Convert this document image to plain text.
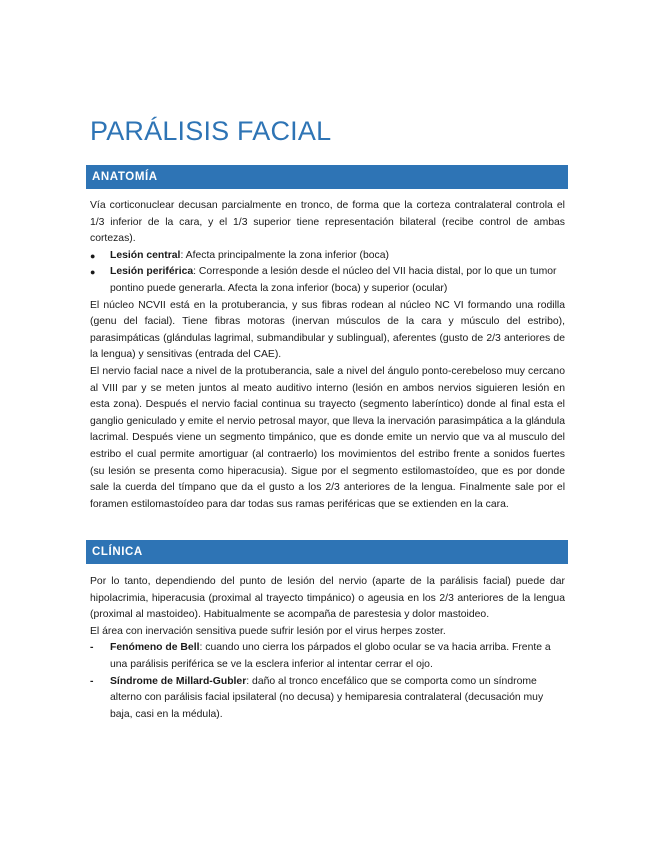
PARÁLISIS FACIAL
ANATOMÍA

Vía corticonuclear decusan parcialmente en tronco, de forma que la corteza contralateral controla el 1/3 inferior de la cara, y el 1/3 superior tiene representación bilateral (recibe control de ambas cortezas).

●	Lesión central: Afecta principalmente la zona inferior (boca)
●	Lesión periférica: Corresponde a lesión desde el núcleo del VII hacia distal, por lo que un tumor pontino puede generarla. Afecta la zona inferior (boca) y superior (ocular)

El núcleo NCVII está en la protuberancia, y sus fibras rodean al núcleo NC VI formando una rodilla (genu del facial). Tiene fibras motoras (inervan músculos de la cara y músculo del estribo), parasimpáticas (glándulas lagrimal, submandibular y sublingual), aferentes (gusto de 2/3 anteriores de la lengua) y sensitivas (entrada del CAE).

El nervio facial nace a nivel de la protuberancia, sale a nivel del ángulo ponto-cerebeloso muy cercano al VIII par y se meten juntos al meato auditivo interno (lesión en ambos nervios siguieren lesión en esta zona). Después el nervio facial continua su trayecto (segmento laberíntico) donde al final esta el ganglio geniculado y emite el nervio petrosal mayor, que lleva la inervación parasimpática a la glándula lacrimal. Después viene un segmento timpánico, que es donde emite un nervio que va al musculo del estribo el cual permite amortiguar (al contraerlo) los movimientos del estribo frente a sonidos fuertes (su lesión se presenta como hiperacusia). Sigue por el segmento estilomastoídeo, que es por donde sale la cuerda del tímpano que da el gusto a los 2/3 anteriores de la lengua. Finalmente sale por el foramen estilomastoídeo para dar todas sus ramas periféricas que se extienden en la cara.

CLÍNICA

Por lo tanto, dependiendo del punto de lesión del nervio (aparte de la parálisis facial) puede dar hipolacrimia, hiperacusia (proximal al trayecto timpánico) o ageusia en los 2/3 anteriores de la lengua (proximal al mastoideo). Habitualmente se acompaña de parestesia y dolor mastoideo.

El área con inervación sensitiva puede sufrir lesión por el virus herpes zoster.

-	Fenómeno de Bell: cuando uno cierra los párpados el globo ocular se va hacia arriba. Frente a una parálisis periférica se ve la esclera inferior al intentar cerrar el ojo.
-	Síndrome de Millard-Gubler: daño al tronco encefálico que se comporta como un síndrome alterno con parálisis facial ipsilateral (no decusa) y hemiparesia contralateral (decusación muy baja, casi en la médula).
